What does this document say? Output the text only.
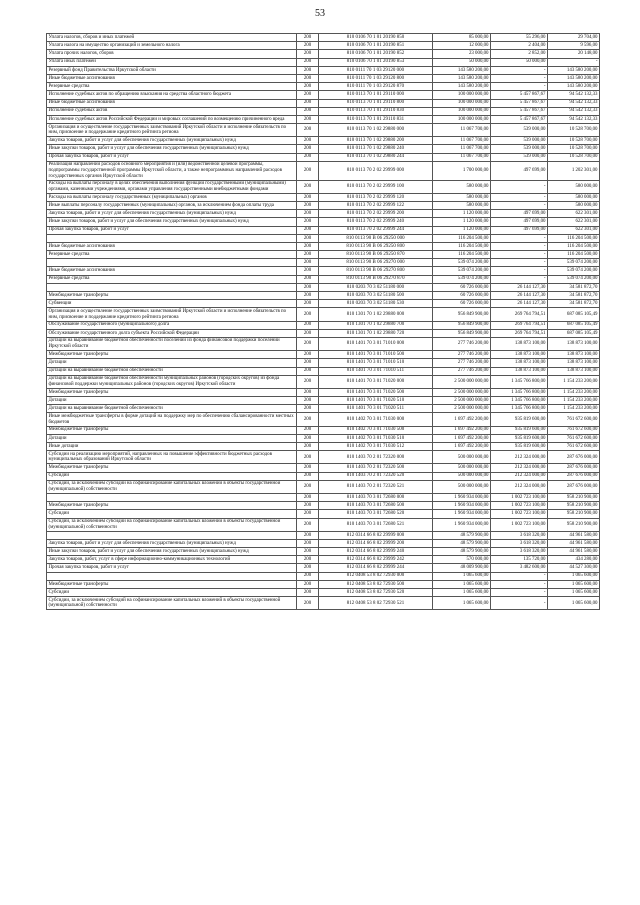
53
Уплата налогов, сборов и иных платежей	200	810 0106 70 1 01 20190 850	85 000,00	55 296,00	29 704,00
Уплата налога на имущество организаций и земельного налога	200	810 0106 70 1 01 20190 851	12 000,00	2 404,00	9 596,00
Уплата прочих налогов, сборов	200	810 0106 70 1 01 20190 852	23 000,00	2 852,00	20 148,00
Уплата иных платежей	200	810 0106 70 1 01 20190 853	50 000,00	50 000,00	-
Резервный фонд Правительства Иркутской области	200	810 0111 70 1 03 29120 000	143 580 200,00	-	143 580 200,00
Иные бюджетные ассигнования	200	810 0111 70 1 03 29120 800	143 580 200,00	-	143 580 200,00
Резервные средства	200	810 0111 70 1 03 29120 870	143 580 200,00	-	143 580 200,00
Исполнение судебных актов по обращению взыскания на средства областного бюджета	200	810 0113 70 1 01 29110 000	100 000 000,00	5 457 867,67	94 542 132,33
Иные бюджетные ассигнования	200	810 0113 70 1 01 29110 800	100 000 000,00	5 457 867,67	94 542 132,33
Исполнение судебных актов	200	810 0113 70 1 01 29110 830	100 000 000,00	5 457 867,67	94 542 132,33
Исполнение судебных актов Российской Федерации и мировых соглашений по возмещению причиненного вреда	200	810 0113 70 1 01 29110 831	100 000 000,00	5 457 867,67	94 542 132,33
Организация и осуществление государственных заимствований Иркутской области и исполнение обязательств по ним, присвоение и поддержание кредитного рейтинга региона	200	810 0113 70 1 02 29880 000	11 067 700,00	539 000,00	10 528 700,00
Закупка товаров, работ и услуг для обеспечения государственных (муниципальных) нужд	200	810 0113 70 1 02 29880 200	11 067 700,00	539 000,00	10 528 700,00
Иные закупки товаров, работ и услуг для обеспечения государственных (муниципальных) нужд	200	810 0113 70 1 02 29880 240	11 067 700,00	539 000,00	10 528 700,00
Прочая закупка товаров, работ и услуг	200	810 0113 70 1 02 29880 244	11 067 700,00	539 000,00	10 528 700,00
Реализация направлений расходов основного мероприятия и (или) ведомственной целевой программы, подпрограммы государственной программы Иркутской области, а также непрограммных направлений расходов государственных органов Иркутской области	200	810 0113 70 2 02 29999 000	1 700 000,00	497 699,00	1 202 301,00
Расходы на выплаты персоналу в целях обеспечения выполнения функций государственными (муниципальными) органами, казенными учреждениями, органами управления государственными внебюджетными фондами	200	810 0113 70 2 02 29999 100	580 000,00	-	580 000,00
Расходы на выплаты персоналу государственных (муниципальных) органов	200	810 0113 70 2 02 29999 120	580 000,00	-	580 000,00
Иные выплаты персоналу государственных (муниципальных) органов, за исключением фонда оплаты труда	200	810 0113 70 2 02 29999 122	580 000,00	-	580 000,00
Закупка товаров, работ и услуг для обеспечения государственных (муниципальных) нужд	200	810 0113 70 2 02 29999 200	1 120 000,00	497 699,00	622 301,00
Иные закупки товаров, работ и услуг для обеспечения государственных (муниципальных) нужд	200	810 0113 70 2 02 29999 240	1 120 000,00	497 699,00	622 301,00
Прочая закупка товаров, работ и услуг	200	810 0113 70 2 02 29999 244	1 120 000,00	497 699,00	622 301,00
	200	810 0113 90 В 06 29250 000	116 204 500,00	-	116 204 500,00
Иные бюджетные ассигнования	200	810 0113 90 В 06 29250 800	116 204 500,00	-	116 204 500,00
Резервные средства	200	810 0113 90 В 06 29250 870	116 204 500,00	-	116 204 500,00
	200	810 0113 90 В 06 29270 000	539 074 200,00	-	539 074 200,00
Иные бюджетные ассигнования	200	810 0113 90 В 06 29270 800	539 074 200,00	-	539 074 200,00
Резервные средства	200	810 0113 90 В 06 29270 870	539 074 200,00	-	539 074 200,00
	200	810 0203 70 3 02 51180 000	60 726 000,00	26 144 127,30	34 581 872,70
Межбюджетные трансферты	200	810 0203 70 3 02 51180 500	60 726 000,00	26 144 127,30	34 581 872,70
Субвенции	200	810 0203 70 3 02 51180 530	60 726 000,00	26 144 127,30	34 581 872,70
Организация и осуществление государственных заимствований Иркутской области и исполнение обязательств по ним, присвоение и поддержание кредитного рейтинга региона	200	810 1301 70 1 02 29880 000	956 849 900,00	269 764 794,51	687 085 105,49
Обслуживание государственного (муниципального) долга	200	810 1301 70 1 02 29880 700	956 849 900,00	269 764 794,51	687 085 105,49
Обслуживание государственного долга субъекта Российской Федерации	200	810 1301 70 1 02 29880 720	956 849 900,00	269 764 794,51	687 085 105,49
Дотации на выравнивание бюджетной обеспеченности поселений из фонда финансовой поддержки поселений Иркутской области	200	810 1401 70 3 01 71010 000	277 746 200,00	138 873 100,00	138 873 100,00
Межбюджетные трансферты	200	810 1401 70 3 01 71010 500	277 746 200,00	138 873 100,00	138 873 100,00
Дотации	200	810 1401 70 3 01 71010 510	277 746 200,00	138 873 100,00	138 873 100,00
Дотации на выравнивание бюджетной обеспеченности	200	810 1401 70 3 01 71010 511	277 746 200,00	138 873 100,00	138 873 100,00
Дотации на выравнивание бюджетной обеспеченности муниципальных районов (городских округов) из фонда финансовой поддержки муниципальных районов (городских округов) Иркутской области	200	810 1401 70 3 01 71020 000	2 500 000 000,00	1 345 766 800,00	1 154 233 200,00
Межбюджетные трансферты	200	810 1401 70 3 01 71020 500	2 500 000 000,00	1 345 766 800,00	1 154 233 200,00
Дотации	200	810 1401 70 3 01 71020 510	2 500 000 000,00	1 345 766 800,00	1 154 233 200,00
Дотации на выравнивание бюджетной обеспеченности	200	810 1401 70 3 01 71020 511	2 500 000 000,00	1 345 766 800,00	1 154 233 200,00
Иные межбюджетные трансферты в форме дотаций на поддержку мер по обеспечению сбалансированности местных бюджетов	200	810 1402 70 3 01 71030 000	1 697 492 200,00	935 819 600,00	761 672 600,00
Межбюджетные трансферты	200	810 1402 70 3 01 71030 500	1 697 492 200,00	935 819 600,00	761 672 600,00
Дотации	200	810 1402 70 3 01 71030 510	1 697 492 200,00	935 819 600,00	761 672 600,00
Иные дотации	200	810 1402 70 3 01 71030 512	1 697 492 200,00	935 819 600,00	761 672 600,00
Субсидии на реализацию мероприятий, направленных на повышение эффективности бюджетных расходов муниципальных образований Иркутской области	200	810 1403 70 2 01 72320 000	500 000 000,00	212 324 000,00	287 676 000,00
Межбюджетные трансферты	200	810 1403 70 2 01 72320 500	500 000 000,00	212 324 000,00	287 676 000,00
Субсидии	200	810 1403 70 2 01 72320 520	500 000 000,00	212 324 000,00	287 676 000,00
Субсидии, за исключением субсидий на софинансирование капитальных вложений в объекты государственной (муниципальной) собственности	200	810 1403 70 2 01 72320 521	500 000 000,00	212 324 000,00	287 676 000,00
	200	810 1403 70 3 01 72680 000	1 960 934 000,00	1 002 723 100,00	958 210 900,00
Межбюджетные трансферты	200	810 1403 70 3 01 72680 500	1 960 934 000,00	1 002 723 100,00	958 210 900,00
Субсидии	200	810 1403 70 3 01 72680 520	1 960 934 000,00	1 002 723 100,00	958 210 900,00
Субсидии, за исключением субсидий на софинансирование капитальных вложений в объекты государственной (муниципальной) собственности	200	810 1403 70 3 01 72680 521	1 960 934 000,00	1 002 723 100,00	958 210 900,00
	200	812 0314 66 8 02 29999 000	48 579 900,00	3 618 320,00	44 961 580,00
Закупка товаров, работ и услуг для обеспечения государственных (муниципальных) нужд	200	812 0314 66 8 02 29999 200	48 579 900,00	3 618 320,00	44 961 580,00
Иные закупки товаров, работ и услуг для обеспечения государственных (муниципальных) нужд	200	812 0314 66 8 02 29999 240	48 579 900,00	3 618 320,00	44 961 580,00
Закупка товаров, работ, услуг в сфере информационно-коммуникационных технологий	200	812 0314 66 8 02 29999 242	570 000,00	135 720,00	434 280,00
Прочая закупка товаров, работ и услуг	200	812 0314 66 8 02 29999 244	48 009 900,00	3 482 600,00	44 527 300,00
	200	812 0408 53 8 02 72930 000	1 065 600,00	-	1 065 600,00
Межбюджетные трансферты	200	812 0408 53 8 02 72930 500	1 065 600,00	-	1 065 600,00
Субсидии	200	812 0408 53 8 02 72930 520	1 065 600,00	-	1 065 600,00
Субсидии, за исключением субсидий на софинансирование капитальных вложений в объекты государственной (муниципальной) собственности	200	812 0408 53 8 02 72930 521	1 065 600,00	-	1 065 600,00
